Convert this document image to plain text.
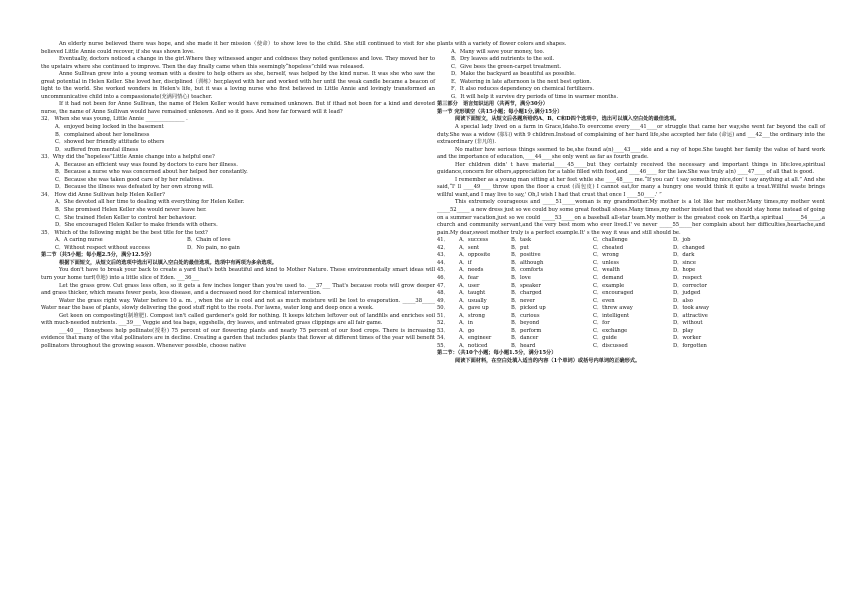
An elderly nurse believed there was hope, and she made it her mission（使命）to show love to the child. She still continued to visit for she believed Little Annie could recover, if she was shown love.

Eventually, doctors noticed a change in the girl.Where they witnessed anger and coldness they noted gentleness and love. They moved her to the upstairs where she continued to improve. Then the day finally came when this seemingly“hopeless”child was released.

Anne Sullivan grew into a young woman with a desire to help others as she, herself, was helped by the kind nurse. It was she who saw the great potential in Helen Keller. She loved her, disciplined（训练）her,played with her and worked with her until the weak candle became a beacon of light to the world. She worked wonders in Helen's life, but it was a loving nurse who first believed in Little Annie and lovingly transformed an uncommunicative child into a compassionate(充满同情心) teacher.

If it had not been for Anne Sullivan, the name of Helen Keller would have remained unknown. But if ithad not been for a kind and devoted nurse, the name of Anne Sullivan would have remained unknown. And so it goes. And how far forward will it lead?

32． When she was young, Little Annie _______________ .

A．enjoyed being locked in the basement

B．complained about her loneliness

C．showed her friendly attitude to others

D．suffered from mental illness

33．Why did the“hopeless”Little Annie change into a helpful one?

A．Because an efficient way was found by doctors to cure her illness.

B．Because a nurse who was concerned about her helped her constantly.

C．Because she was taken good care of by her relatives.

D．Because the illness was defeated by her own strong will.

34． How did Anne Sullivan help Helen Keller?

A．She devoted all her time to dealing with everything for Helen Keller.

B．She promised Helen Keller she would never leave her.

C．She trained Helen Keller to control her behaviour.

D．She encouraged Helen Keller to make friends with others.

35． Which of the following might be the best title for the text?

A．A caring nurse	B．Chain of love
C．Without respect without success	D．No pain, no gain

第二节（共5小题；每小题2.5分，满分12.5分）

根据下面短文，从短文后的选项中选出可以填入空白处的最佳选项。选项中有两项为多余选项。

You don't have to break your back to create a yard that's both beautiful and kind to Mother Nature. These environmentally smart ideas will turn your home turf(草地) into a little slice of Eden. ___36___

Let the grass grow. Cut grass less often, so it gets a few inches longer than you're used to. ___37___ That's because roots will grow deeper and grass thicker, which means fewer pests, less disease, and a decreased need for chemical intervention.

Water the grass right way. Water before 10 a. m. , when the air is cool and not as much moisture will be lost to evaporation. _____38_____ Water near the base of plants, slowly delivering the good stuff right to the roots. For lawns, water long and deep once a week.

Get keen on compostingt(制堆肥). Compost isn't called gardener's gold for nothing. It keeps kitchen leftover out of landfills and enriches soil with much-needed nutrients. ___39___ Veggie and tea bags, eggshells, dry leaves, and untreated grass clippings are all fair game.

___40___ Honeybees help pollinate(授粉) 75 percent of our flowering plants and nearly 75 percent of our food crops. There is increasing evidence that many of the vital pollinators are in decline. Creating a garden that includes plants that flower at different times of the year will benefit pollinators throughout the growing season. Whenever possible, choose native

plants with a variety of flower colors and shapes.

A．Many will save your money, too.

B．Dry leaves add nutrients to the soil.

C．Give bees the green-carpet treatment.

D．Make the backyard as beautiful as possible.

E．Watering in late afternoon is the next best option.

F．It also reduces dependency on chemical fertilizers.

G．It will help it survive dry periods of time in warmer months.

第三部分　语言知识运用（共两节，满分30分）

第一节 完形填空（共15小题；每小题1分,满分15分）

阅读下面短文，从短文后各题所给的A、B、C和D四个选项中，选出可以填入空白处的最佳选项。

A special lady lived on a farm in Grace,Idaho.To overcome every____41____or struggle that came her way,she went far beyond the call of duty.She was a widow (寡妇) with 9 children.Instead of complaining of her hard life,she accepted her fate (命运) and ___42___the ordinary into the extraordinary (非凡的).

No matter how serious things seemed to be,she found a(n)____43____side and a ray of hope.She taught her family the value of hard work and the importance of education,____44____she only went as far as fourth grade.

Her children didn' t have material_____45_____but they certainly received the necessary and important things in life:love,spiritual guidance,concern for others,appreciation for a table filled with food,and ____46____ for the law.She was truly a(n) ____47____ of all that is good.

I remember as a young man sitting at her feet while she ____48____ me.“If you can' t say something nice,don' t say anything at all.” And she said,“I' ll ____49____ throw upon the floor a crust (面包皮) I cannot eat,for many a hungry one would think it quite a treat.Willful waste brings willful want,and I may live to say,' Oh,I wish I had that crust that once I ____50____.' ”

This extremely courageous and _____51_____woman is my grandmother.My mother is a lot like her mother.Many times,my mother went _____52_____ a new dress just so we could buy some great football shoes.Many times,my mother insisted that we should stay home instead of going on a summer vacation,just so we could _____53_____on a baseball all-star team.My mother is the greatest cook on Earth,a spiritual ______54_____,a church and community servant,and the very best mom who ever lived.I' ve never _____55_____her complain about her difficulties,heartache,and pain.My dear,sweet mother truly is a perfect example.It' s the way it was and still should be.

41．	A．success	B．task	C．challenge	D．job
42．	A．sent	B．put	C．cheated	D．changed
43．	A．opposite	B．positive	C．wrong	D．dark
44．	A．if	B．although	C．unless	D．since
45．	A．needs	B．comforts	C．wealth	D．hope
46．	A．fear	B．love	C．demand	D．respect
47．	A．user	B．speaker	C．example	D．corrector
48．	A．taught	B．charged	C．encouraged	D．judged
49．	A．usually	B．never	C．even	D．also
50．	A．gave up	B．picked up	C．threw away	D．took away
51．	A．strong	B．curious	C．intelligent	D．attractive
52．	A．in	B．beyond	C．for	D．without
53．	A．go	B．perform	C．exchange	D．play
54．	A．engineer	B．dancer	C．guide	D．worker
55．	A．noticed	B．heard	C．discussed	D．forgotten

第二节：（共10个小题；每小题1.5分，满分15分）

阅读下面材料，在空白处填入适当的内容（1个单词）或括号内单词的正确形式。
